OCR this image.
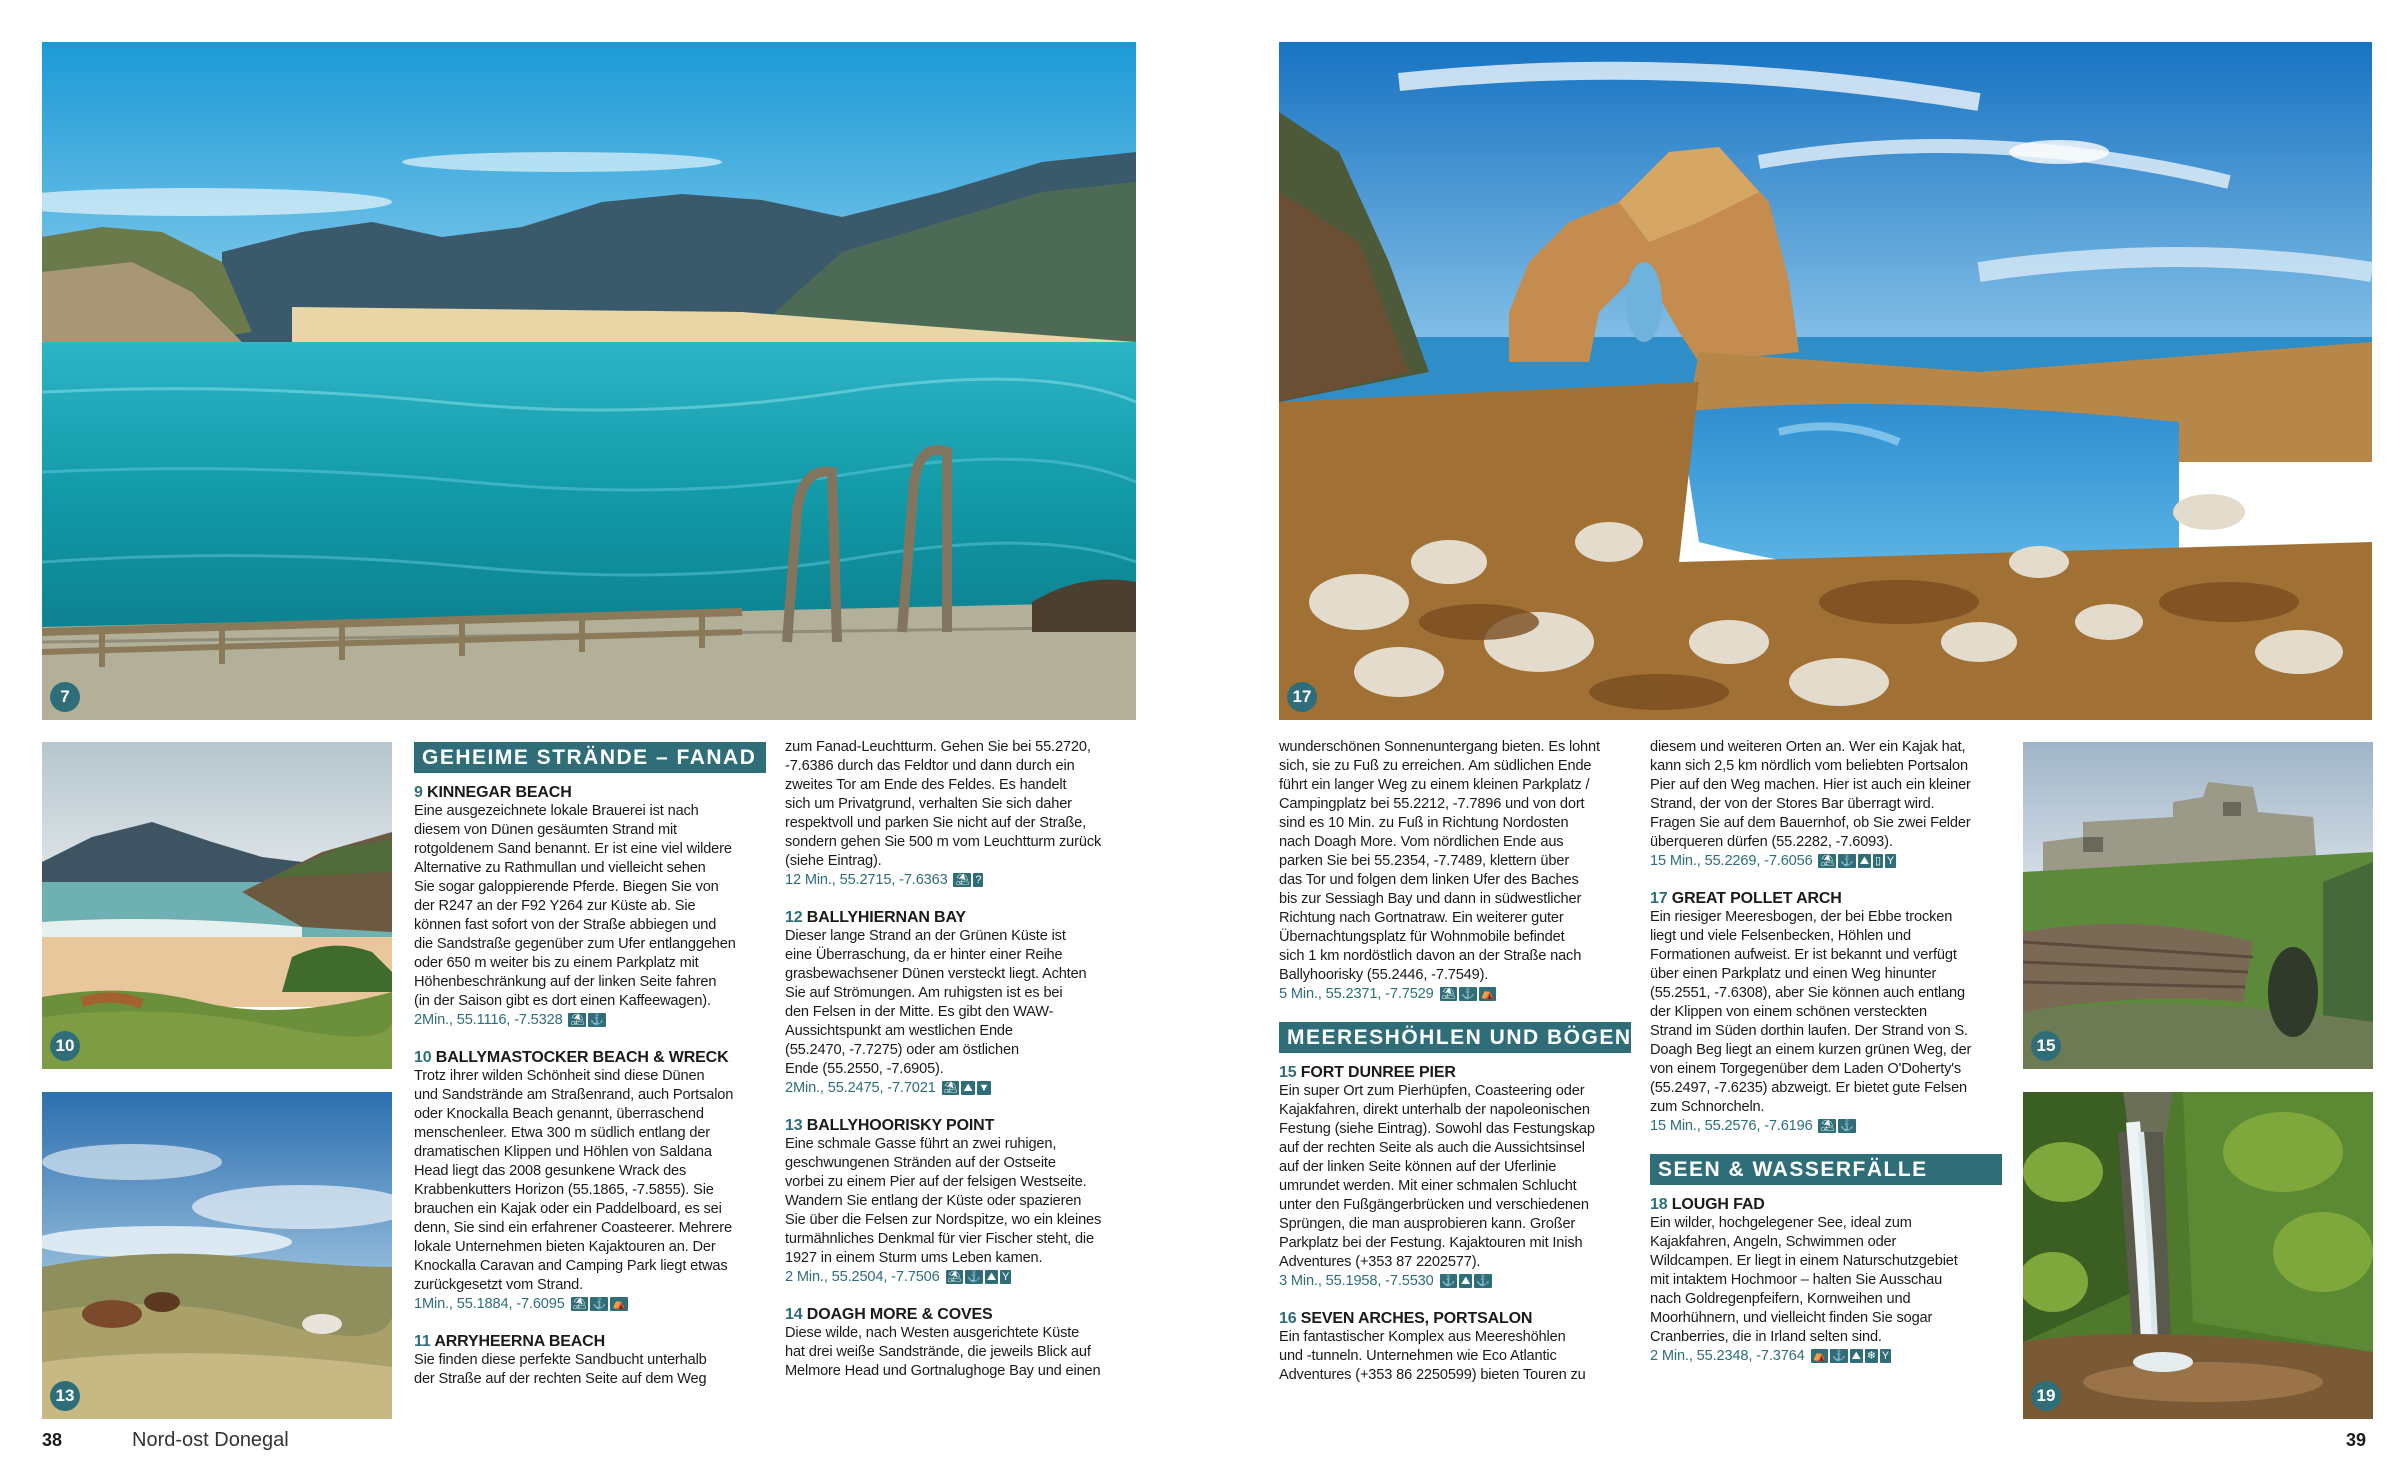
7
10
13
17
15
19
GEHEIME STRÄNDE – FANAD
9 KINNEGAR BEACH

Eine ausgezeichnete lokale Brauerei ist nach

diesem von Dünen gesäumten Strand mit

rotgoldenem Sand benannt. Er ist eine viel wildere

Alternative zu Rathmullan und vielleicht sehen

Sie sogar galoppierende Pferde. Biegen Sie von

der R247 an der F92 Y264 zur Küste ab. Sie

können fast sofort von der Straße abbiegen und

die Sandstraße gegenüber zum Ufer entlanggehen

oder 650 m weiter bis zu einem Parkplatz mit

Höhenbeschränkung auf der linken Seite fahren

(in der Saison gibt es dort einen Kaffeewagen).

2Min., 55.1116, -7.5328 ⛱ ⚓
10 BALLYMASTOCKER BEACH & WRECK

Trotz ihrer wilden Schönheit sind diese Dünen

und Sandstrände am Straßenrand, auch Portsalon

oder Knockalla Beach genannt, überraschend

menschenleer. Etwa 300 m südlich entlang der

dramatischen Klippen und Höhlen von Saldana

Head liegt das 2008 gesunkene Wrack des

Krabbenkutters Horizon (55.1865, -7.5855). Sie

brauchen ein Kajak oder ein Paddelboard, es sei

denn, Sie sind ein erfahrener Coasteerer. Mehrere

lokale Unternehmen bieten Kajaktouren an. Der

Knockalla Caravan and Camping Park liegt etwas

zurückgesetzt vom Strand.

1Min., 55.1884, -7.6095 ⛱ ⚓ ⛺
11 ARRYHEERNA BEACH

Sie finden diese perfekte Sandbucht unterhalb

der Straße auf der rechten Seite auf dem Weg

zum Fanad-Leuchtturm. Gehen Sie bei 55.2720,

-7.6386 durch das Feldtor und dann durch ein

zweites Tor am Ende des Feldes. Es handelt

sich um Privatgrund, verhalten Sie sich daher

respektvoll und parken Sie nicht auf der Straße,

sondern gehen Sie 500 m vom Leuchtturm zurück

(siehe Eintrag).

12 Min., 55.2715, -7.6363 ⛱ ?
12 BALLYHIERNAN BAY

Dieser lange Strand an der Grünen Küste ist

eine Überraschung, da er hinter einer Reihe

grasbewachsener Dünen versteckt liegt. Achten

Sie auf Strömungen. Am ruhigsten ist es bei

den Felsen in der Mitte. Es gibt den WAW-

Aussichtspunkt am westlichen Ende

(55.2470, -7.7275) oder am östlichen

Ende (55.2550, -7.6905).

2Min., 55.2475, -7.7021 ⛱ ⛰ ▼
13 BALLYHOORISKY POINT

Eine schmale Gasse führt an zwei ruhigen,

geschwungenen Stränden auf der Ostseite

vorbei zu einem Pier auf der felsigen Westseite.

Wandern Sie entlang der Küste oder spazieren

Sie über die Felsen zur Nordspitze, wo ein kleines

turmähnliches Denkmal für vier Fischer steht, die

1927 in einem Sturm ums Leben kamen.

2 Min., 55.2504, -7.7506 ⛱ ⚓ ⛰ Y
14 DOAGH MORE & COVES

Diese wilde, nach Westen ausgerichtete Küste

hat drei weiße Sandstrände, die jeweils Blick auf

Melmore Head und Gortnalughoge Bay und einen

wunderschönen Sonnenuntergang bieten. Es lohnt

sich, sie zu Fuß zu erreichen. Am südlichen Ende

führt ein langer Weg zu einem kleinen Parkplatz /

Campingplatz bei 55.2212, -7.7896 und von dort

sind es 10 Min. zu Fuß in Richtung Nordosten

nach Doagh More. Vom nördlichen Ende aus

parken Sie bei 55.2354, -7.7489, klettern über

das Tor und folgen dem linken Ufer des Baches

bis zur Sessiagh Bay und dann in südwestlicher

Richtung nach Gortnatraw. Ein weiterer guter

Übernachtungsplatz für Wohnmobile befindet

sich 1 km nordöstlich davon an der Straße nach

Ballyhoorisky (55.2446, -7.7549).

5 Min., 55.2371, -7.7529 ⛱ ⚓ ⛺
MEERESHÖHLEN UND BÖGEN
15 FORT DUNREE PIER

Ein super Ort zum Pierhüpfen, Coasteering oder

Kajakfahren, direkt unterhalb der napoleonischen

Festung (siehe Eintrag). Sowohl das Festungskap

auf der rechten Seite als auch die Aussichtsinsel

auf der linken Seite können auf der Uferlinie

umrundet werden. Mit einer schmalen Schlucht

unter den Fußgängerbrücken und verschiedenen

Sprüngen, die man ausprobieren kann. Großer

Parkplatz bei der Festung. Kajaktouren mit Inish

Adventures (+353 87 2202577).

3 Min., 55.1958, -7.5530 ⚓ ⛰ ⚓
16 SEVEN ARCHES, PORTSALON

Ein fantastischer Komplex aus Meereshöhlen

und -tunneln. Unternehmen wie Eco Atlantic

Adventures (+353 86 2250599) bieten Touren zu

diesem und weiteren Orten an. Wer ein Kajak hat,

kann sich 2,5 km nördlich vom beliebten Portsalon

Pier auf den Weg machen. Hier ist auch ein kleiner

Strand, der von der Stores Bar überragt wird.

Fragen Sie auf dem Bauernhof, ob Sie zwei Felder

überqueren dürfen (55.2282, -7.6093).

15 Min., 55.2269, -7.6056 ⛱ ⚓ ⛰ ▯ Y
17 GREAT POLLET ARCH

Ein riesiger Meeresbogen, der bei Ebbe trocken

liegt und viele Felsenbecken, Höhlen und

Formationen aufweist. Er ist bekannt und verfügt

über einen Parkplatz und einen Weg hinunter

(55.2551, -7.6308), aber Sie können auch entlang

der Klippen von einem schönen versteckten

Strand im Süden dorthin laufen. Der Strand von S.

Doagh Beg liegt an einem kurzen grünen Weg, der

von einem Torgegenüber dem Laden O'Doherty's

(55.2497, -7.6235) abzweigt. Er bietet gute Felsen

zum Schnorcheln.

15 Min., 55.2576, -7.6196 ⛱ ⚓
SEEN & WASSERFÄLLE
18 LOUGH FAD

Ein wilder, hochgelegener See, ideal zum

Kajakfahren, Angeln, Schwimmen oder

Wildcampen. Er liegt in einem Naturschutzgebiet

mit intaktem Hochmoor – halten Sie Ausschau

nach Goldregenpfeifern, Kornweihen und

Moorhühnern, und vielleicht finden Sie sogar

Cranberries, die in Irland selten sind.

2 Min., 55.2348, -7.3764 ⛺ ⚓ ⛰ ❄ Y
38	Nord-ost Donegal	39
